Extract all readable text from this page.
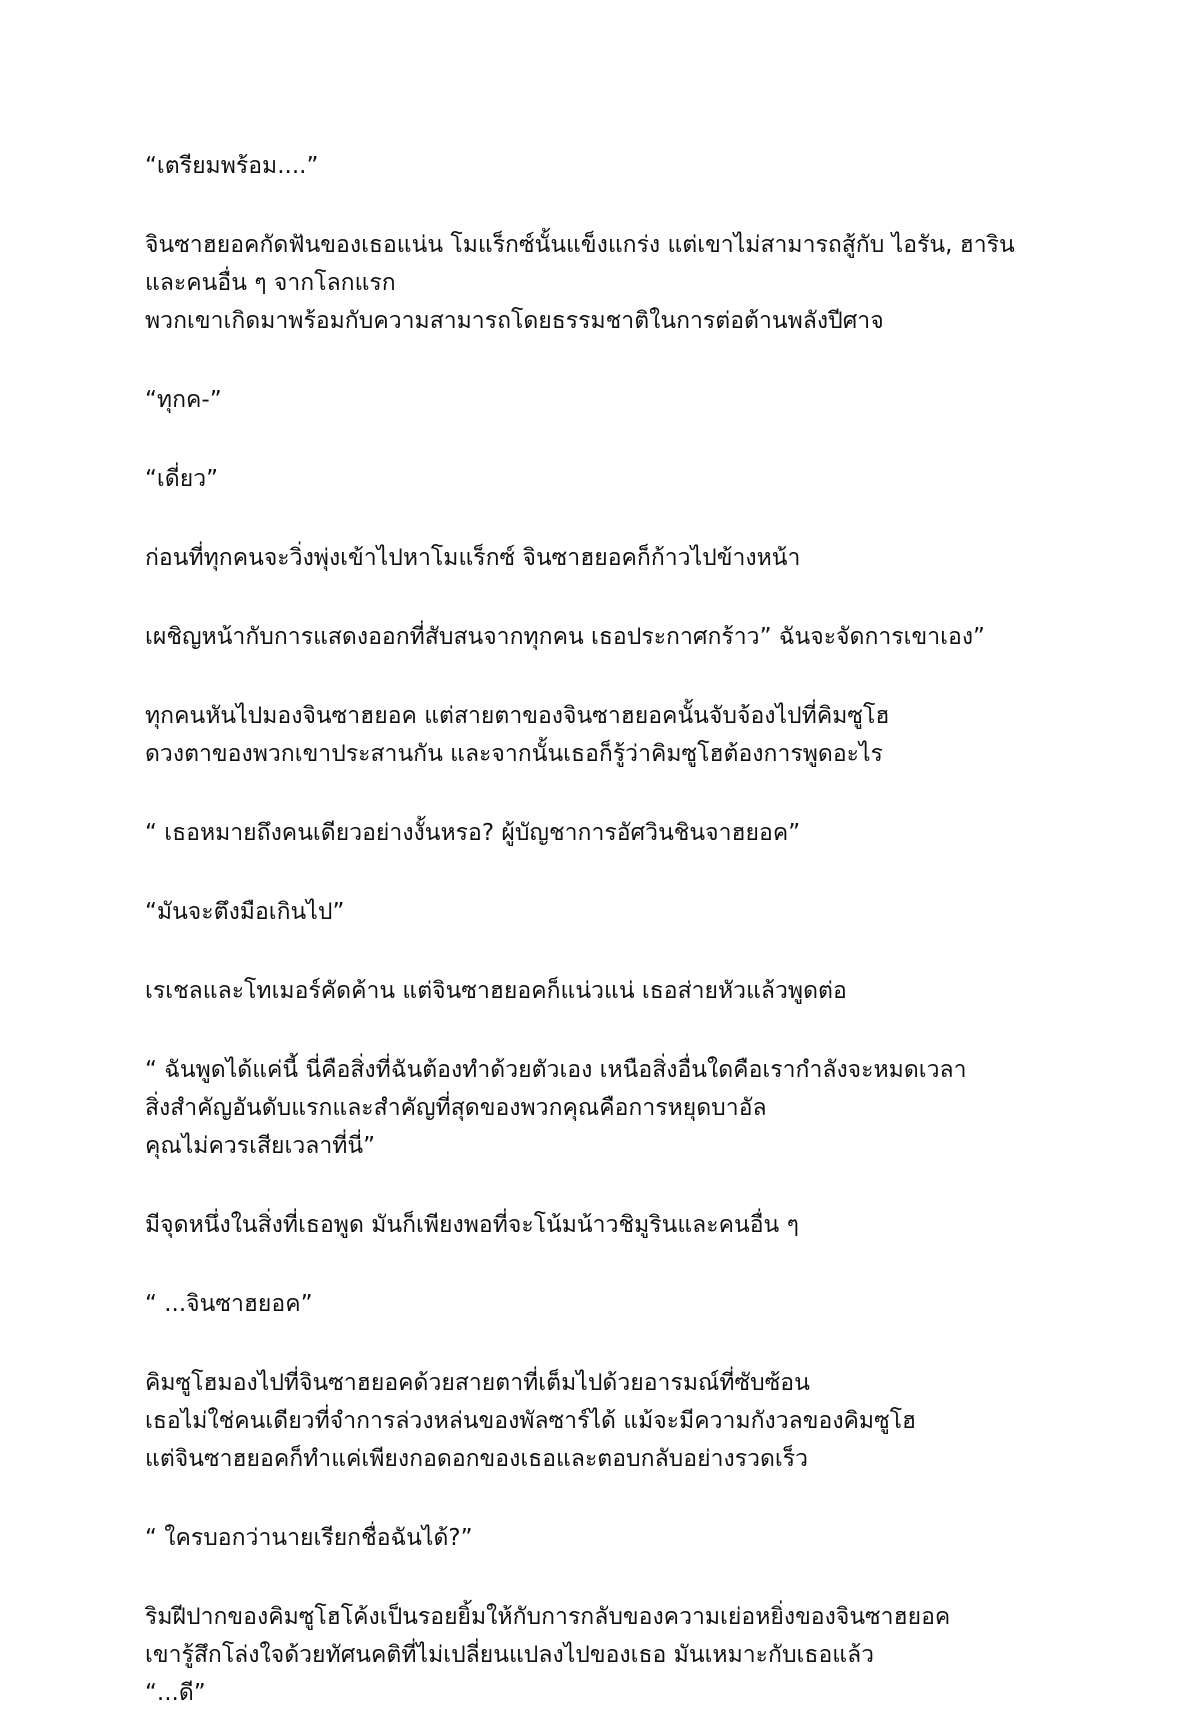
“เตรียมพร้อม....”

จินซาฮยอคกัดฟันของเธอแน่น โมแร็กซ์นั้นแข็งแกร่ง แต่เขาไม่สามารถสู้กับ ไอรัน, ฮาริน
และคนอื่น ๆ จากโลกแรก
พวกเขาเกิดมาพร้อมกับความสามารถโดยธรรมชาติในการต่อต้านพลังปีศาจ

“ทุกค-”

“เดี่ยว”

ก่อนที่ทุกคนจะวิ่งพุ่งเข้าไปหาโมแร็กซ์ จินซาฮยอคก็ก้าวไปข้างหน้า

เผชิญหน้ากับการแสดงออกที่สับสนจากทุกคน เธอประกาศกร้าว” ฉันจะจัดการเขาเอง”

ทุกคนหันไปมองจินซาฮยอค แต่สายตาของจินซาฮยอคนั้นจับจ้องไปที่คิมซูโฮ
ดวงตาของพวกเขาประสานกัน และจากนั้นเธอก็รู้ว่าคิมซูโฮต้องการพูดอะไร

“ เธอหมายถึงคนเดียวอย่างงั้นหรอ? ผู้บัญชาการอัศวินชินจาฮยอค”

“มันจะตึงมือเกินไป”

เรเชลและโทเมอร์คัดค้าน แต่จินซาฮยอคก็แน่วแน่ เธอส่ายหัวแล้วพูดต่อ

“ ฉันพูดได้แค่นี้ นี่คือสิ่งที่ฉันต้องทำด้วยตัวเอง เหนือสิ่งอื่นใดคือเรากำลังจะหมดเวลา
สิ่งสำคัญอันดับแรกและสำคัญที่สุดของพวกคุณคือการหยุดบาอัล
คุณไม่ควรเสียเวลาที่นี่”

มีจุดหนึ่งในสิ่งที่เธอพูด มันก็เพียงพอที่จะโน้มน้าวชิมูรินและคนอื่น ๆ

“ ...จินซาฮยอค”

คิมซูโฮมองไปที่จินซาฮยอคด้วยสายตาที่เต็มไปด้วยอารมณ์ที่ซับซ้อน
เธอไม่ใช่คนเดียวที่จำการล่วงหล่นของพัลซาร์ได้ แม้จะมีความกังวลของคิมซูโฮ
แต่จินซาฮยอคก็ทำแค่เพียงกอดอกของเธอและตอบกลับอย่างรวดเร็ว

“ ใครบอกว่านายเรียกชื่อฉันได้?”

ริมฝีปากของคิมซูโฮโค้งเป็นรอยยิ้มให้กับการกลับของความเย่อหยิ่งของจินซาฮยอค
เขารู้สึกโล่งใจด้วยทัศนคติที่ไม่เปลี่ยนแปลงไปของเธอ มันเหมาะกับเธอแล้ว
“...ดี”
